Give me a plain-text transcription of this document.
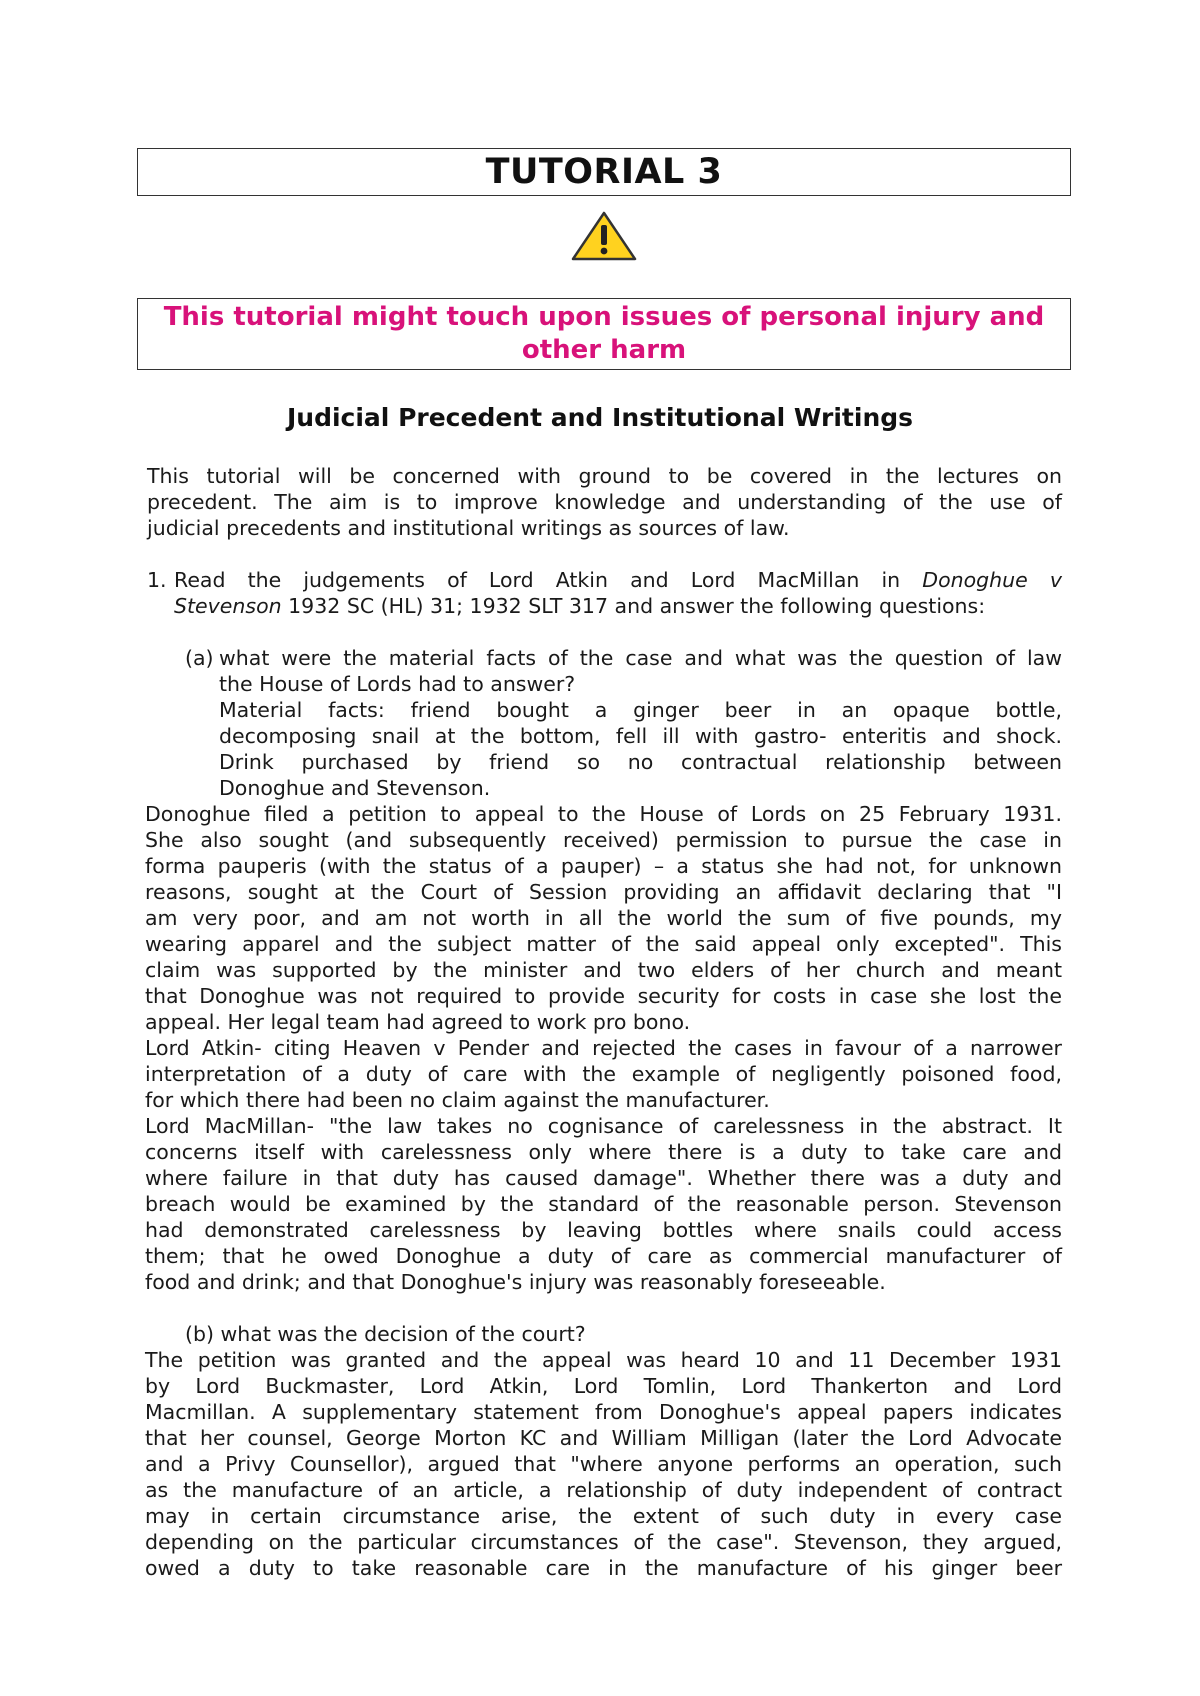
TUTORIAL 3
This tutorial might touch upon issues of personal injury and other harm
Judicial Precedent and Institutional Writings
This tutorial will be concerned with ground to be covered in the lectures on
precedent. The aim is to improve knowledge and understanding of the use of
judicial precedents and institutional writings as sources of law.
1. Read the judgements of Lord Atkin and Lord MacMillan in Donoghue v
Stevenson 1932 SC (HL) 31; 1932 SLT 317 and answer the following questions:
(a) what were the material facts of the case and what was the question of law
the House of Lords had to answer?
Material facts: friend bought a ginger beer in an opaque bottle,
decomposing snail at the bottom, fell ill with gastro- enteritis and shock.
Drink purchased by friend so no contractual relationship between
Donoghue and Stevenson.
Donoghue filed a petition to appeal to the House of Lords on 25 February 1931.
She also sought (and subsequently received) permission to pursue the case in
forma pauperis (with the status of a pauper) – a status she had not, for unknown
reasons, sought at the Court of Session providing an affidavit declaring that "I
am very poor, and am not worth in all the world the sum of five pounds, my
wearing apparel and the subject matter of the said appeal only excepted". This
claim was supported by the minister and two elders of her church and meant
that Donoghue was not required to provide security for costs in case she lost the
appeal. Her legal team had agreed to work pro bono.
Lord Atkin- citing Heaven v Pender and rejected the cases in favour of a narrower
interpretation of a duty of care with the example of negligently poisoned food,
for which there had been no claim against the manufacturer.
Lord MacMillan- "the law takes no cognisance of carelessness in the abstract. It
concerns itself with carelessness only where there is a duty to take care and
where failure in that duty has caused damage". Whether there was a duty and
breach would be examined by the standard of the reasonable person. Stevenson
had demonstrated carelessness by leaving bottles where snails could access
them; that he owed Donoghue a duty of care as commercial manufacturer of
food and drink; and that Donoghue's injury was reasonably foreseeable.
(b) what was the decision of the court?
The petition was granted and the appeal was heard 10 and 11 December 1931
by Lord Buckmaster, Lord Atkin, Lord Tomlin, Lord Thankerton and Lord
Macmillan. A supplementary statement from Donoghue's appeal papers indicates
that her counsel, George Morton KC and William Milligan (later the Lord Advocate
and a Privy Counsellor), argued that "where anyone performs an operation, such
as the manufacture of an article, a relationship of duty independent of contract
may in certain circumstance arise, the extent of such duty in every case
depending on the particular circumstances of the case". Stevenson, they argued,
owed a duty to take reasonable care in the manufacture of his ginger beer
